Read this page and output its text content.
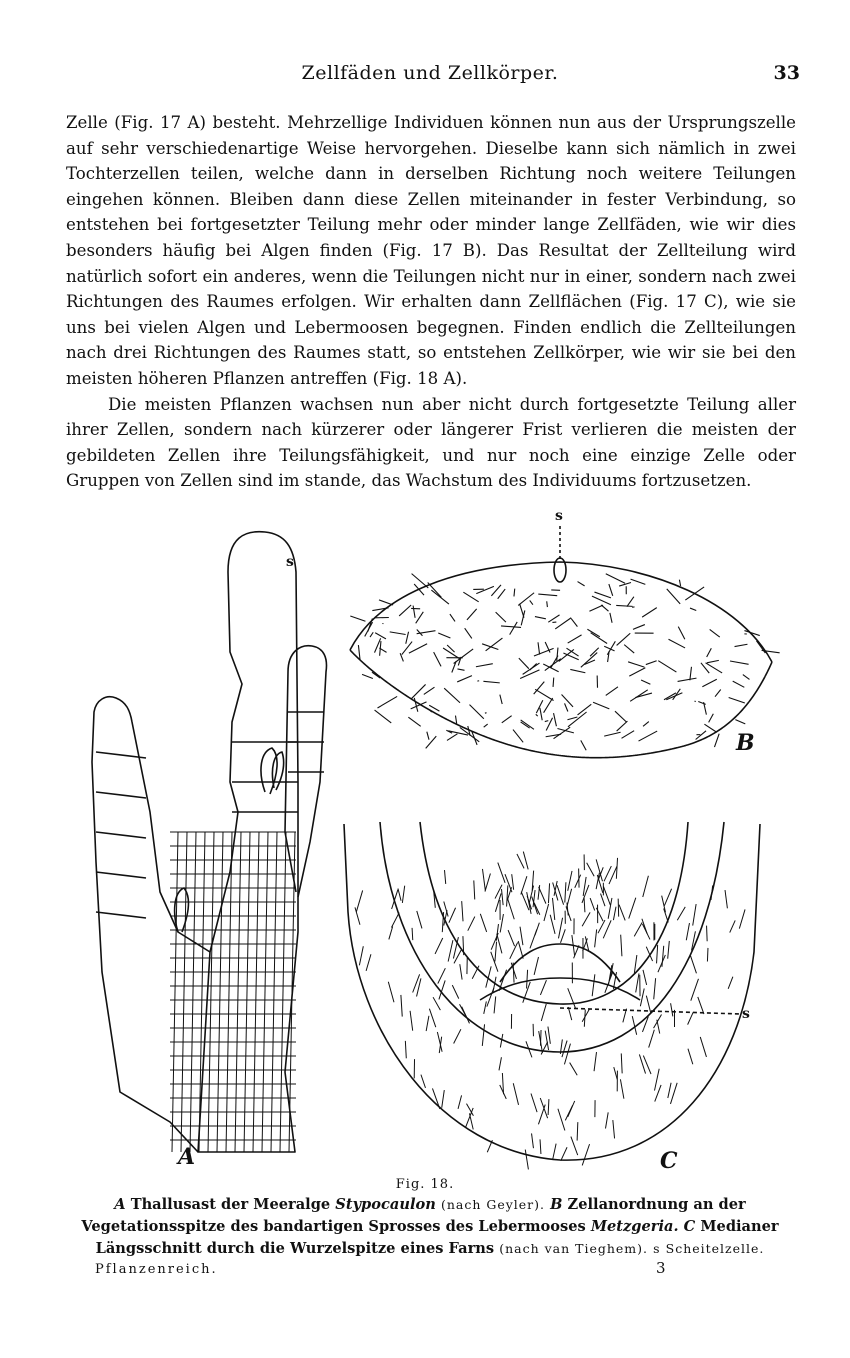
Zellfäden und Zellkörper.	33

Zelle (Fig. 17 A) besteht. Mehrzellige Individuen können nun aus der Ursprungszelle auf sehr verschiedenartige Weise hervorgehen. Dieselbe kann sich nämlich in zwei Tochterzellen teilen, welche dann in derselben Richtung noch weitere Teilungen eingehen können. Bleiben dann diese Zellen miteinander in fester Verbindung, so entstehen bei fortgesetzter Teilung mehr oder minder lange Zellfäden, wie wir dies besonders häufig bei Algen finden (Fig. 17 B). Das Resultat der Zellteilung wird natürlich sofort ein anderes, wenn die Teilungen nicht nur in einer, sondern nach zwei Richtungen des Raumes erfolgen. Wir erhalten dann Zellflächen (Fig. 17 C), wie sie uns bei vielen Algen und Lebermoosen begegnen. Finden endlich die Zellteilungen nach drei Richtungen des Raumes statt, so entstehen Zellkörper, wie wir sie bei den meisten höheren Pflanzen antreffen (Fig. 18 A).

Die meisten Pflanzen wachsen nun aber nicht durch fortgesetzte Teilung aller ihrer Zellen, sondern nach kürzerer oder längerer Frist verlieren die meisten der gebildeten Zellen ihre Teilungsfähigkeit, und nur noch eine einzige Zelle oder Gruppen von Zellen sind im stande, das Wachstum des Individuums fortzusetzen.

A	C
B
s
s
s
Fig. 18.
A Thallusast der Meeralge Stypocaulon (nach Geyler). B Zellanordnung an der Vegetationsspitze des bandartigen Sprosses des Lebermooses Metzgeria. C Medianer Längsschnitt durch die Wurzelspitze eines Farns (nach van Tieghem). s Scheitelzelle.
Pflanzenreich.	3
